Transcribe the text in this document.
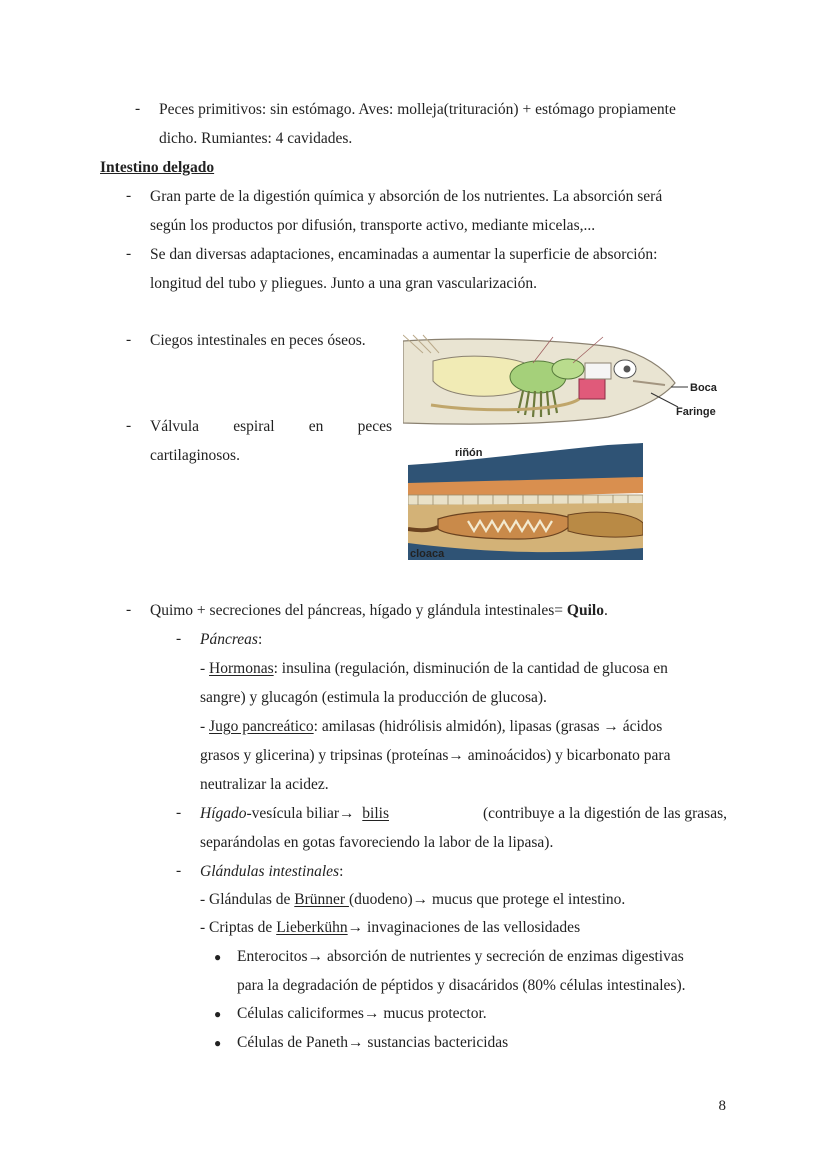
- Peces primitivos: sin estómago. Aves: molleja(trituración) + estómago propiamente
dicho. Rumiantes: 4 cavidades.
Intestino delgado
- Gran parte de la digestión química y absorción de los nutrientes. La absorción será
según los productos por difusión, transporte activo, mediante micelas,...
- Se dan diversas adaptaciones, encaminadas a aumentar la superficie de absorción:
longitud del tubo y pliegues. Junto a una gran vascularización.
- Ciegos intestinales en peces óseos.
- Válvula espiral en peces
cartilaginosos.
Boca
Faringe
riñón
cloaca
- Quimo + secreciones del páncreas, hígado y glándula intestinales= Quilo.
- Páncreas:
- Hormonas: insulina (regulación, disminución de la cantidad de glucosa en
sangre) y glucagón (estimula la producción de glucosa).
- Jugo pancreático: amilasas (hidrólisis almidón), lipasas (grasas → ácidos
grasos y glicerina) y tripsinas (proteínas→ aminoácidos) y bicarbonato para
neutralizar la acidez.
- Hígado-vesícula biliar→  bilis	(contribuye a la digestión de las grasas,
separándolas en gotas favoreciendo la labor de la lipasa).
- Glándulas intestinales:
- Glándulas de Brünner (duodeno)→ mucus que protege el intestino.
- Criptas de Lieberkühn→ invaginaciones de las vellosidades
● Enterocitos→ absorción de nutrientes y secreción de enzimas digestivas
para la degradación de péptidos y disacáridos (80% células intestinales).
● Células caliciformes→ mucus protector.
● Células de Paneth→ sustancias bactericidas
8
